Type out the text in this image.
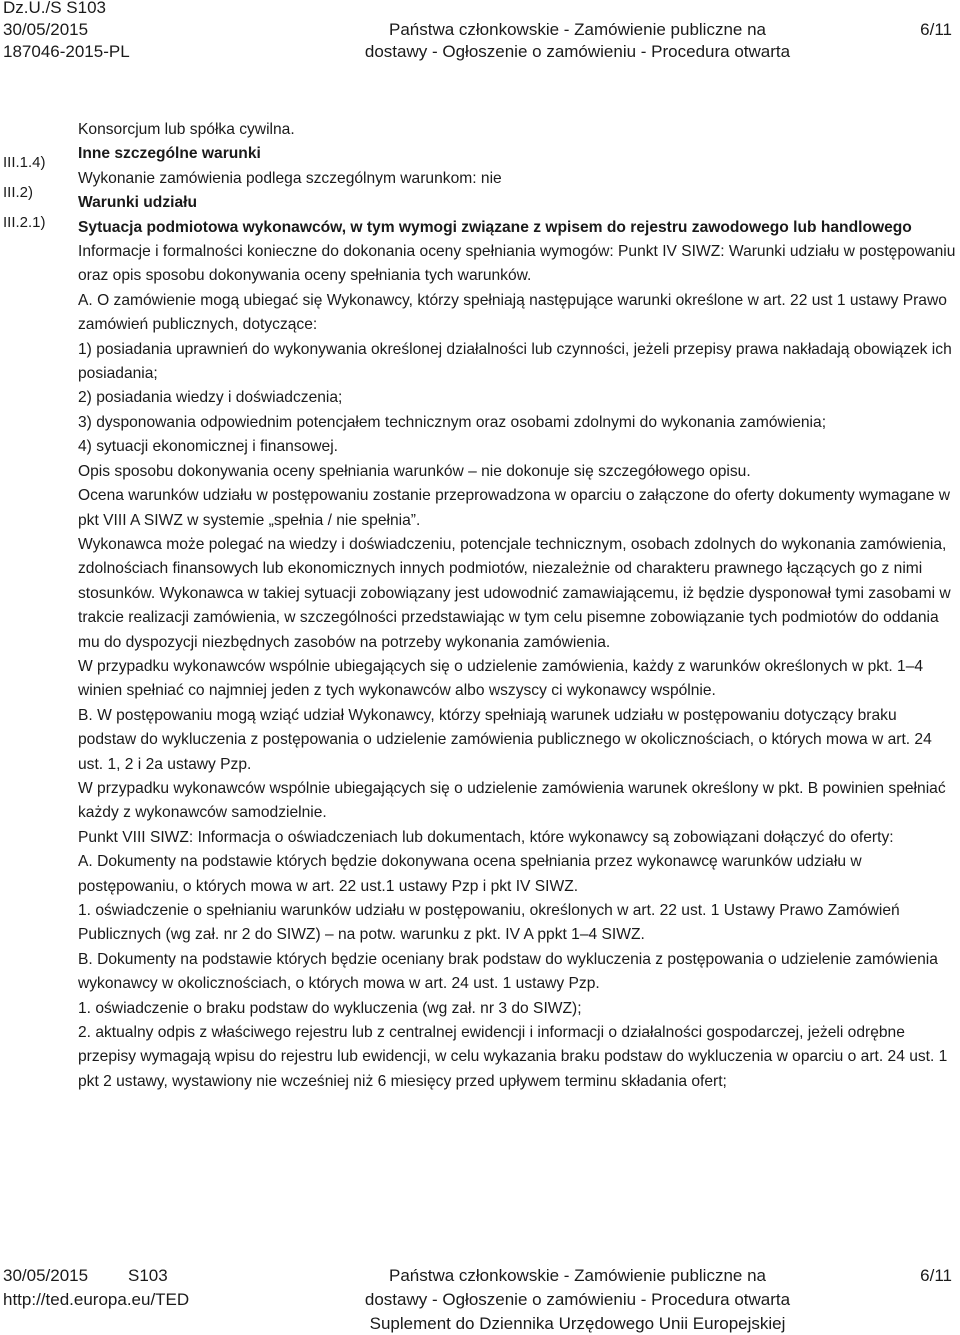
Dz.U./S S103
30/05/2015	Państwa członkowskie - Zamówienie publiczne na	6/11
187046-2015-PL	dostawy - Ogłoszenie o zamówieniu - Procedura otwarta
III.1.4)
III.2)
III.2.1)

Konsorcjum lub spółka cywilna.

Inne szczególne warunki

Wykonanie zamówienia podlega szczególnym warunkom: nie

Warunki udziału

Sytuacja podmiotowa wykonawców, w tym wymogi związane z wpisem do rejestru zawodowego lub handlowego

Informacje i formalności konieczne do dokonania oceny spełniania wymogów: Punkt IV SIWZ: Warunki udziału w postępowaniu oraz opis sposobu dokonywania oceny spełniania tych warunków.

A. O zamówienie mogą ubiegać się Wykonawcy, którzy spełniają następujące warunki określone w art. 22 ust 1 ustawy Prawo zamówień publicznych, dotyczące:

1) posiadania uprawnień do wykonywania określonej działalności lub czynności, jeżeli przepisy prawa nakładają obowiązek ich posiadania;

2) posiadania wiedzy i doświadczenia;

3) dysponowania odpowiednim potencjałem technicznym oraz osobami zdolnymi do wykonania zamówienia;

4) sytuacji ekonomicznej i finansowej.

Opis sposobu dokonywania oceny spełniania warunków – nie dokonuje się szczegółowego opisu.

Ocena warunków udziału w postępowaniu zostanie przeprowadzona w oparciu o załączone do oferty dokumenty wymagane w pkt VIII A SIWZ w systemie „spełnia / nie spełnia”.

Wykonawca może polegać na wiedzy i doświadczeniu, potencjale technicznym, osobach zdolnych do wykonania zamówienia, zdolnościach finansowych lub ekonomicznych innych podmiotów, niezależnie od charakteru prawnego łączących go z nimi stosunków. Wykonawca w takiej sytuacji zobowiązany jest udowodnić zamawiającemu, iż będzie dysponował tymi zasobami w trakcie realizacji zamówienia, w szczególności przedstawiając w tym celu pisemne zobowiązanie tych podmiotów do oddania mu do dyspozycji niezbędnych zasobów na potrzeby wykonania zamówienia.

W przypadku wykonawców wspólnie ubiegających się o udzielenie zamówienia, każdy z warunków określonych w pkt. 1–4 winien spełniać co najmniej jeden z tych wykonawców albo wszyscy ci wykonawcy wspólnie.

B. W postępowaniu mogą wziąć udział Wykonawcy, którzy spełniają warunek udziału w postępowaniu dotyczący braku podstaw do wykluczenia z postępowania o udzielenie zamówienia publicznego w okolicznościach, o których mowa w art. 24 ust. 1, 2 i 2a ustawy Pzp.

W przypadku wykonawców wspólnie ubiegających się o udzielenie zamówienia warunek określony w pkt. B powinien spełniać każdy z wykonawców samodzielnie.

Punkt VIII SIWZ: Informacja o oświadczeniach lub dokumentach, które wykonawcy są zobowiązani dołączyć do oferty:

A. Dokumenty na podstawie których będzie dokonywana ocena spełniania przez wykonawcę warunków udziału w postępowaniu, o których mowa w art. 22 ust.1 ustawy Pzp i pkt IV SIWZ.

1. oświadczenie o spełnianiu warunków udziału w postępowaniu, określonych w art. 22 ust. 1 Ustawy Prawo Zamówień Publicznych (wg zał. nr 2 do SIWZ) – na potw. warunku z pkt. IV A ppkt 1–4 SIWZ.

B. Dokumenty na podstawie których będzie oceniany brak podstaw do wykluczenia z postępowania o udzielenie zamówienia wykonawcy w okolicznościach, o których mowa w art. 24 ust. 1 ustawy Pzp.

1. oświadczenie o braku podstaw do wykluczenia (wg zał. nr 3 do SIWZ);

2. aktualny odpis z właściwego rejestru lub z centralnej ewidencji i informacji o działalności gospodarczej, jeżeli odrębne przepisy wymagają wpisu do rejestru lub ewidencji, w celu wykazania braku podstaw do wykluczenia w oparciu o art. 24 ust. 1 pkt 2 ustawy, wystawiony nie wcześniej niż 6 miesięcy przed upływem terminu składania ofert;

30/05/2015 S103	Państwa członkowskie - Zamówienie publiczne na	6/11
http://ted.europa.eu/TED	dostawy - Ogłoszenie o zamówieniu - Procedura otwarta
Suplement do Dziennika Urzędowego Unii Europejskiej
